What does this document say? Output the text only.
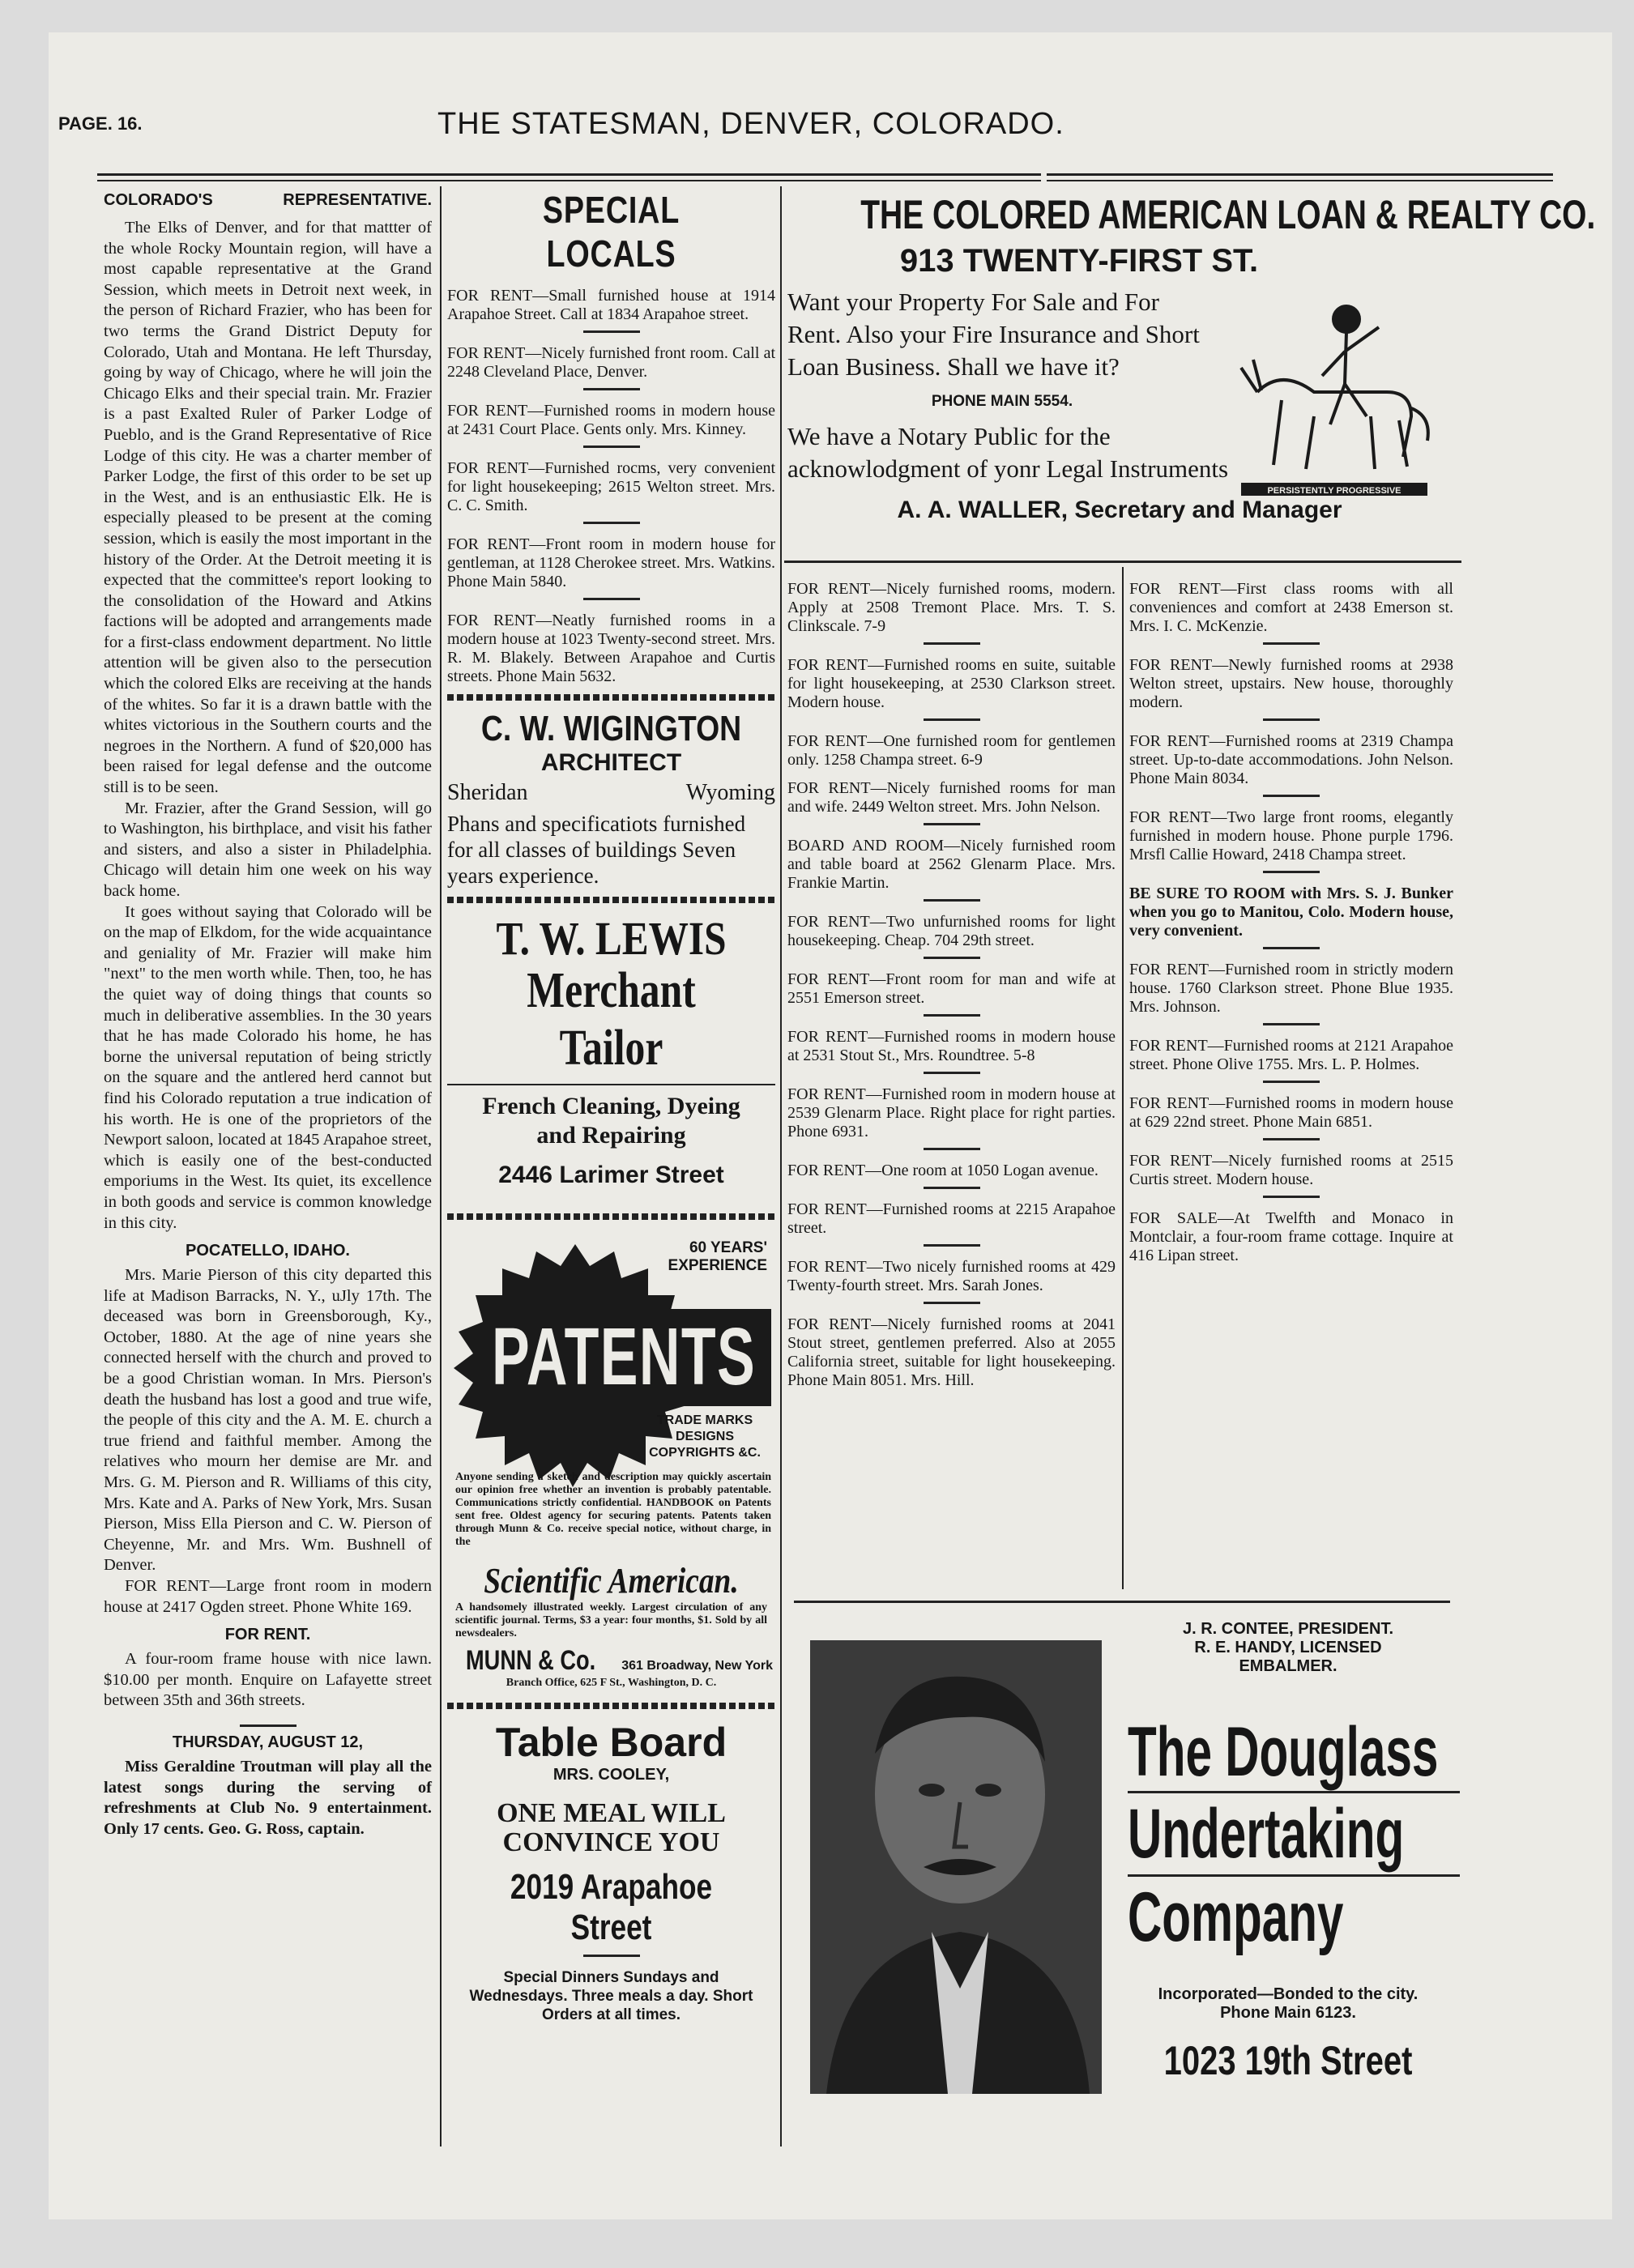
PAGE. 16.	THE STATESMAN, DENVER, COLORADO.
COLORADO'S	REPRESENTATIVE.

The Elks of Denver, and for that mattter of the whole Rocky Mountain region, will have a most capable representative at the Grand Session, which meets in Detroit next week, in the person of Richard Frazier, who has been for two terms the Grand District Deputy for Colorado, Utah and Montana. He left Thursday, going by way of Chicago, where he will join the Chicago Elks and their special train. Mr. Frazier is a past Exalted Ruler of Parker Lodge of Pueblo, and is the Grand Representative of Rice Lodge of this city. He was a charter member of Parker Lodge, the first of this order to be set up in the West, and is an enthusiastic Elk. He is especially pleased to be present at the coming session, which is easily the most important in the history of the Order. At the Detroit meeting it is expected that the committee's report looking to the consolidation of the Howard and Atkins factions will be adopted and arrangements made for a first-class endowment department. No little attention will be given also to the persecution which the colored Elks are receiving at the hands of the whites. So far it is a drawn battle with the whites victorious in the Southern courts and the negroes in the Northern. A fund of $20,000 has been raised for legal defense and the outcome still is to be seen.

Mr. Frazier, after the Grand Session, will go to Washington, his birthplace, and visit his father and sisters, and also a sister in Philadelphia. Chicago will detain him one week on his way back home.

It goes without saying that Colorado will be on the map of Elkdom, for the wide acquaintance and geniality of Mr. Frazier will make him "next" to the men worth while. Then, too, he has the quiet way of doing things that counts so much in deliberative assemblies. In the 30 years that he has made Colorado his home, he has borne the universal reputation of being strictly on the square and the antlered herd cannot but find his Colorado reputation a true indication of his worth. He is one of the proprietors of the Newport saloon, located at 1845 Arapahoe street, which is easily one of the best-conducted emporiums in the West. Its quiet, its excellence in both goods and service is common knowledge in this city.

POCATELLO, IDAHO.

Mrs. Marie Pierson of this city departed this life at Madison Barracks, N. Y., uJly 17th. The deceased was born in Greensborough, Ky., October, 1880. At the age of nine years she connected herself with the church and proved to be a good Christian woman. In Mrs. Pierson's death the husband has lost a good and true wife, the people of this city and the A. M. E. church a true friend and faithful member. Among the relatives who mourn her demise are Mr. and Mrs. G. M. Pierson and R. Williams of this city, Mrs. Kate and A. Parks of New York, Mrs. Susan Pierson, Miss Ella Pierson and C. W. Pierson of Cheyenne, Mr. and Mrs. Wm. Bushnell of Denver.

FOR RENT—Large front room in modern house at 2417 Ogden street. Phone White 169.

FOR RENT.

A four-room frame house with nice lawn. $10.00 per month. Enquire on Lafayette street between 35th and 36th streets.

THURSDAY, AUGUST 12,

Miss Geraldine Troutman will play all the latest songs during the serving of refreshments at Club No. 9 entertainment. Only 17 cents. Geo. G. Ross, captain.

SPECIAL LOCALS
FOR RENT—Small furnished house at 1914 Arapahoe Street. Call at 1834 Arapahoe street.
FOR RENT—Nicely furnished front room. Call at 2248 Cleveland Place, Denver.
FOR RENT—Furnished rooms in modern house at 2431 Court Place. Gents only. Mrs. Kinney.
FOR RENT—Furnished rocms, very convenient for light housekeeping; 2615 Welton street. Mrs. C. C. Smith.
FOR RENT—Front room in modern house for gentleman, at 1128 Cherokee street. Mrs. Watkins. Phone Main 5840.
FOR RENT—Neatly furnished rooms in a modern house at 1023 Twenty-second street. Mrs. R. M. Blakely. Between Arapahoe and Curtis streets. Phone Main 5632.
C. W. WIGINGTON
ARCHITECT
Sheridan	Wyoming
Phans and specificatiots furnished for all classes of buildings Seven years experience.
T. W. LEWIS
Merchant Tailor
French Cleaning, Dyeing and Repairing
2446 Larimer Street
60 YEARS' EXPERIENCE
PATENTS
TRADE MARKS DESIGNS COPYRIGHTS &C.
Anyone sending a sketch and description may quickly ascertain our opinion free whether an invention is probably patentable. Communications strictly confidential. HANDBOOK on Patents sent free. Oldest agency for securing patents. Patents taken through Munn & Co. receive special notice, without charge, in the
Scientific American.
A handsomely illustrated weekly. Largest circulation of any scientific journal. Terms, $3 a year: four months, $1. Sold by all newsdealers.
MUNN & Co. 361 Broadway, New York
Branch Office, 625 F St., Washington, D. C.
Table Board
MRS. COOLEY,
ONE MEAL WILL CONVINCE YOU
2019 Arapahoe Street
Special Dinners Sundays and Wednesdays. Three meals a day. Short Orders at all times.
THE COLORED AMERICAN LOAN & REALTY CO.
913 TWENTY-FIRST ST.
Want your Property For Sale and For Rent. Also your Fire Insurance and Short Loan Business. Shall we have it?
PHONE MAIN 5554.
We have a Notary Public for the acknowlodgment of yonr Legal Instruments
A. A. WALLER, Secretary and Manager
PERSISTENTLY PROGRESSIVE
FOR RENT—Nicely furnished rooms, modern. Apply at 2508 Tremont Place. Mrs. T. S. Clinkscale. 7-9
FOR RENT—Furnished rooms en suite, suitable for light housekeeping, at 2530 Clarkson street. Modern house.
FOR RENT—One furnished room for gentlemen only. 1258 Champa street. 6-9
FOR RENT—Nicely furnished rooms for man and wife. 2449 Welton street. Mrs. John Nelson.
BOARD AND ROOM—Nicely furnished room and table board at 2562 Glenarm Place. Mrs. Frankie Martin.
FOR RENT—Two unfurnished rooms for light housekeeping. Cheap. 704 29th street.
FOR RENT—Front room for man and wife at 2551 Emerson street.
FOR RENT—Furnished rooms in modern house at 2531 Stout St., Mrs. Roundtree. 5-8
FOR RENT—Furnished room in modern house at 2539 Glenarm Place. Right place for right parties. Phone 6931.
FOR RENT—One room at 1050 Logan avenue.
FOR RENT—Furnished rooms at 2215 Arapahoe street.
FOR RENT—Two nicely furnished rooms at 429 Twenty-fourth street. Mrs. Sarah Jones.
FOR RENT—Nicely furnished rooms at 2041 Stout street, gentlemen preferred. Also at 2055 California street, suitable for light housekeeping. Phone Main 8051. Mrs. Hill.
FOR RENT—First class rooms with all conveniences and comfort at 2438 Emerson st. Mrs. I. C. McKenzie.
FOR RENT—Newly furnished rooms at 2938 Welton street, upstairs. New house, thoroughly modern.
FOR RENT—Furnished rooms at 2319 Champa street. Up-to-date accommodations. John Nelson. Phone Main 8034.
FOR RENT—Two large front rooms, elegantly furnished in modern house. Phone purple 1796. Mrsfl Callie Howard, 2418 Champa street.
BE SURE TO ROOM with Mrs. S. J. Bunker when you go to Manitou, Colo. Modern house, very convenient.
FOR RENT—Furnished room in strictly modern house. 1760 Clarkson street. Phone Blue 1935. Mrs. Johnson.
FOR RENT—Furnished rooms at 2121 Arapahoe street. Phone Olive 1755. Mrs. L. P. Holmes.
FOR RENT—Furnished rooms in modern house at 629 22nd street. Phone Main 6851.
FOR RENT—Nicely furnished rooms at 2515 Curtis street. Modern house.
FOR SALE—At Twelfth and Monaco in Montclair, a four-room frame cottage. Inquire at 416 Lipan street.
J. R. CONTEE, PRESIDENT.
R. E. HANDY, LICENSED EMBALMER.
The Douglass
Undertaking
Company
Incorporated—Bonded to the city.
Phone Main 6123.
1023 19th Street
